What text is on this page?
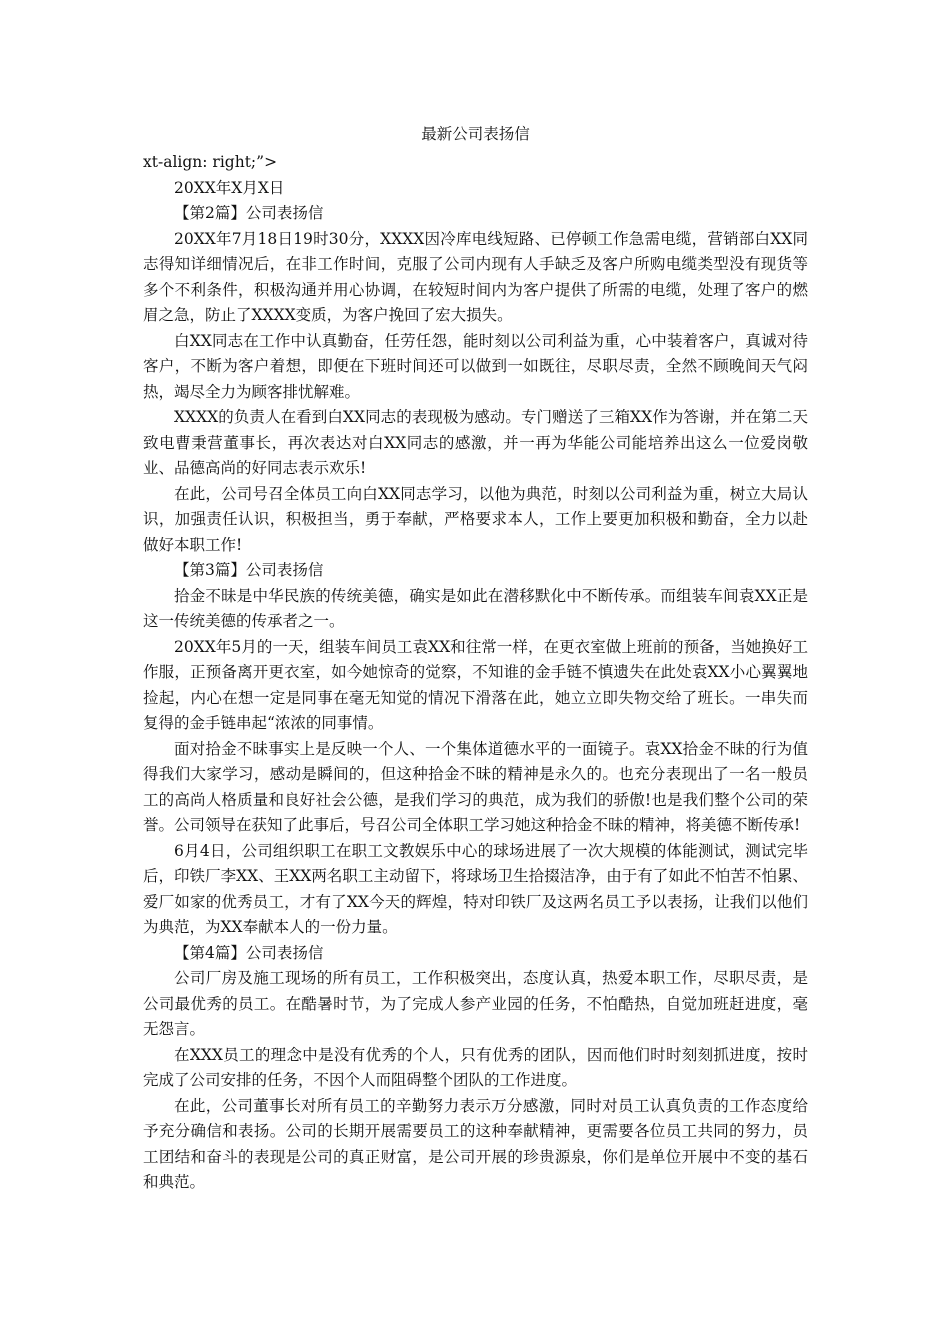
最新公司表扬信
xt-align: right;”>
20XX年X月X日
【第2篇】公司表扬信
20XX年7月18日19时30分，XXXX因冷库电线短路、已停顿工作急需电缆，营销部白XX同志得知详细情况后，在非工作时间，克服了公司内现有人手缺乏及客户所购电缆类型没有现货等多个不利条件，积极沟通并用心协调，在较短时间内为客户提供了所需的电缆，处理了客户的燃眉之急，防止了XXXX变质，为客户挽回了宏大损失。
白XX同志在工作中认真勤奋，任劳任怨，能时刻以公司利益为重，心中装着客户，真诚对待客户，不断为客户着想，即便在下班时间还可以做到一如既往，尽职尽责，全然不顾晚间天气闷热，竭尽全力为顾客排忧解难。
XXXX的负责人在看到白XX同志的表现极为感动。专门赠送了三箱XX作为答谢，并在第二天致电曹秉营董事长，再次表达对白XX同志的感激，并一再为华能公司能培养出这么一位爱岗敬业、品德高尚的好同志表示欢乐!
在此，公司号召全体员工向白XX同志学习，以他为典范，时刻以公司利益为重，树立大局认识，加强责任认识，积极担当，勇于奉献，严格要求本人，工作上要更加积极和勤奋，全力以赴做好本职工作!
【第3篇】公司表扬信
拾金不昧是中华民族的传统美德，确实是如此在潜移默化中不断传承。而组装车间袁XX正是这一传统美德的传承者之一。
20XX年5月的一天，组装车间员工袁XX和往常一样，在更衣室做上班前的预备，当她换好工作服，正预备离开更衣室，如今她惊奇的觉察，不知谁的金手链不慎遗失在此处袁XX小心翼翼地捡起，内心在想一定是同事在毫无知觉的情况下滑落在此，她立立即失物交给了班长。一串失而复得的金手链串起“浓浓的同事情。
面对拾金不昧事实上是反映一个人、一个集体道德水平的一面镜子。袁XX拾金不昧的行为值得我们大家学习，感动是瞬间的，但这种拾金不昧的精神是永久的。也充分表现出了一名一般员工的高尚人格质量和良好社会公德，是我们学习的典范，成为我们的骄傲!也是我们整个公司的荣誉。公司领导在获知了此事后，号召公司全体职工学习她这种拾金不昧的精神，将美德不断传承!
6月4日，公司组织职工在职工文教娱乐中心的球场进展了一次大规模的体能测试，测试完毕后，印铁厂李XX、王XX两名职工主动留下，将球场卫生拾掇洁净，由于有了如此不怕苦不怕累、爱厂如家的优秀员工，才有了XX今天的辉煌，特对印铁厂及这两名员工予以表扬，让我们以他们为典范，为XX奉献本人的一份力量。
【第4篇】公司表扬信
公司厂房及施工现场的所有员工，工作积极突出，态度认真，热爱本职工作，尽职尽责，是公司最优秀的员工。在酷暑时节，为了完成人参产业园的任务，不怕酷热，自觉加班赶进度，毫无怨言。
在XXX员工的理念中是没有优秀的个人，只有优秀的团队，因而他们时时刻刻抓进度，按时完成了公司安排的任务，不因个人而阻碍整个团队的工作进度。
在此，公司董事长对所有员工的辛勤努力表示万分感激，同时对员工认真负责的工作态度给予充分确信和表扬。公司的长期开展需要员工的这种奉献精神，更需要各位员工共同的努力，员工团结和奋斗的表现是公司的真正财富，是公司开展的珍贵源泉，你们是单位开展中不变的基石和典范。
